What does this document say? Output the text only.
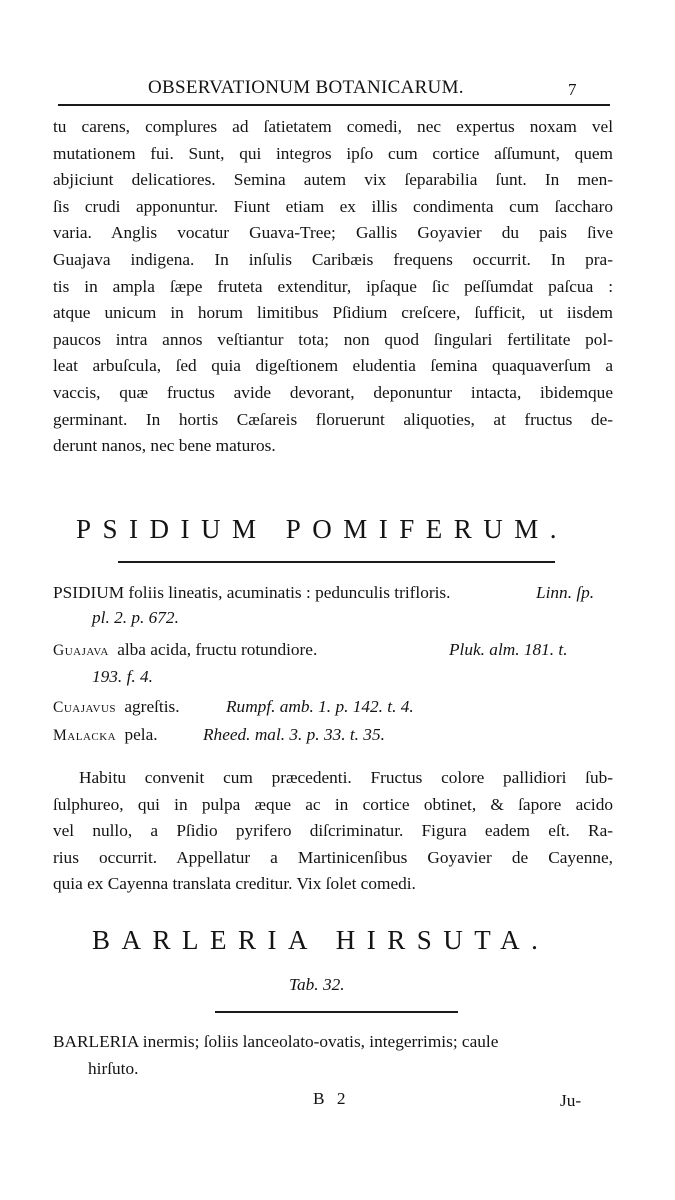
OBSERVATIONUM BOTANICARUM.	7
tu carens, complures ad ſatietatem comedi, nec expertus noxam vel
mutationem fui. Sunt, qui integros ipſo cum cortice aſſumunt, quem
abjiciunt delicatiores. Semina autem vix ſeparabilia ſunt. In men-
ſis crudi apponuntur. Fiunt etiam ex illis condimenta cum ſaccharo
varia. Anglis vocatur Guava-Tree; Gallis Goyavier du pais ſive
Guajava indigena. In inſulis Caribæis frequens occurrit. In pra-
tis in ampla ſæpe fruteta extenditur, ipſaque ſic peſſumdat paſcua :
atque unicum in horum limitibus Pſidium creſcere, ſufficit, ut iisdem
paucos intra annos veſtiantur tota; non quod ſingulari fertilitate pol-
leat arbuſcula, ſed quia digeſtionem eludentia ſemina quaquaverſum a
vaccis, quæ fructus avide devorant, deponuntur intacta, ibidemque
germinant. In hortis Cæſareis floruerunt aliquoties, at fructus de-
derunt nanos, nec bene maturos.
PSIDIUM POMIFERUM.
PSIDIUM foliis lineatis, acuminatis : pedunculis trifloris.	Linn. ſp.
pl. 2. p. 672.
Guajava alba acida, fructu rotundiore.	Pluk. alm. 181. t.
193. f. 4.
Cuajavus agreſtis.	Rumpf. amb. 1. p. 142. t. 4.
Malacka pela.	Rheed. mal. 3. p. 33. t. 35.
Habitu convenit cum præcedenti. Fructus colore pallidiori ſub-
ſulphureo, qui in pulpa æque ac in cortice obtinet, & ſapore acido
vel nullo, a Pſidio pyrifero diſcriminatur. Figura eadem eſt. Ra-
rius occurrit. Appellatur a Martinicenſibus Goyavier de Cayenne,
quia ex Cayenna translata creditur. Vix ſolet comedi.
BARLERIA HIRSUTA.
Tab. 32.
BARLERIA inermis; ſoliis lanceolato-ovatis, integerrimis; caule
hirſuto.
B 2	Ju-
